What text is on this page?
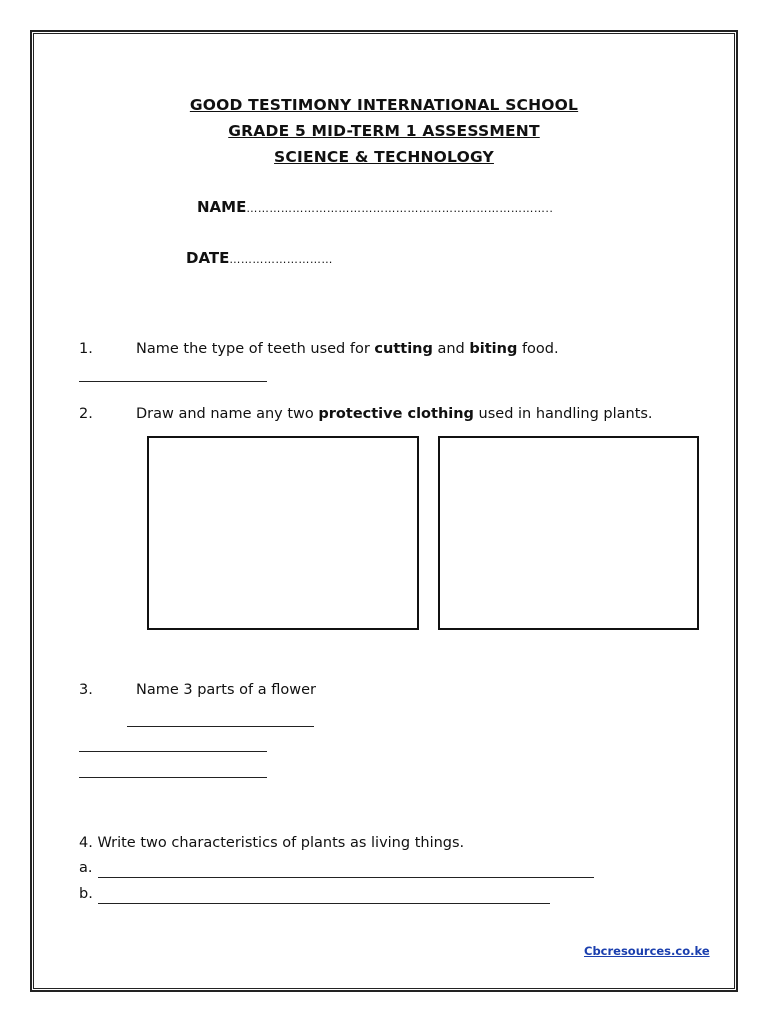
GOOD TESTIMONY INTERNATIONAL SCHOOL
GRADE 5 MID-TERM 1 ASSESSMENT
SCIENCE & TECHNOLOGY
NAME……………………………………………………………………..
DATE………………………
1.	Name the type of teeth used for cutting and biting food.
2.	Draw and name any two protective clothing used in handling plants.
3.	Name 3 parts of a flower
4. Write two characteristics of plants as living things.
a.
b.
Cbcresources.co.ke
